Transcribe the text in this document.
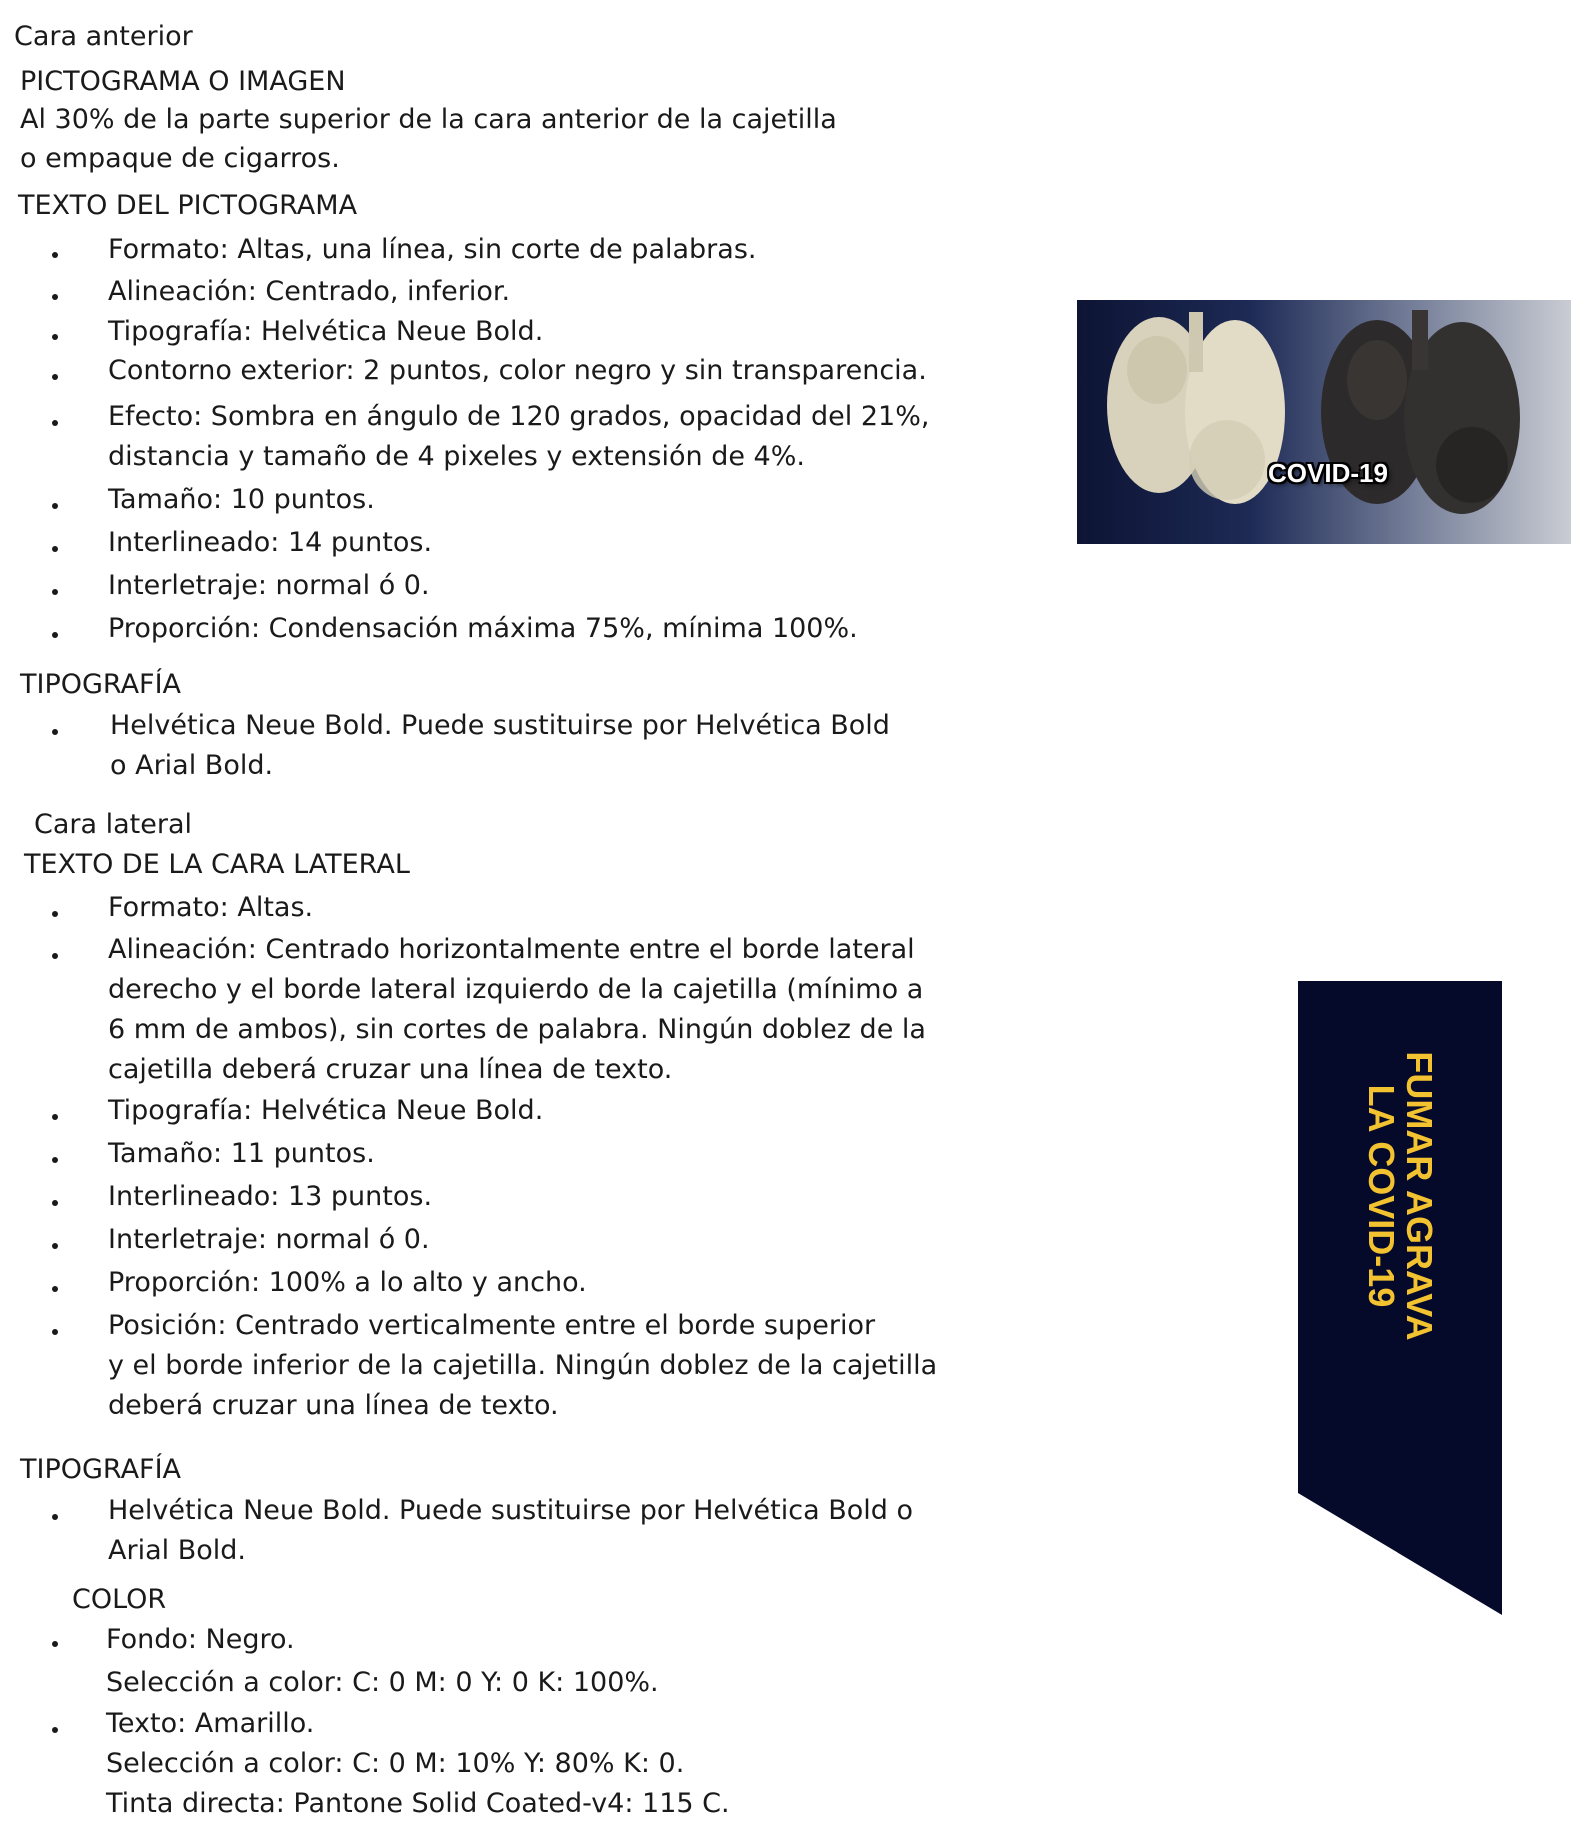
Cara anterior
PICTOGRAMA O IMAGEN
Al 30% de la parte superior de la cara anterior de la cajetilla
o empaque de cigarros.
TEXTO DEL PICTOGRAMA
Formato: Altas, una línea, sin corte de palabras.
Alineación: Centrado, inferior.
Tipografía: Helvética Neue Bold.
Contorno exterior: 2 puntos, color negro y sin transparencia.
Efecto: Sombra en ángulo de 120 grados, opacidad del 21%,
distancia y tamaño de 4 pixeles y extensión de 4%.
Tamaño: 10 puntos.
Interlineado: 14 puntos.
Interletraje: normal ó 0.
Proporción: Condensación máxima 75%, mínima 100%.
TIPOGRAFÍA
Helvética Neue Bold. Puede sustituirse por Helvética Bold
o Arial Bold.
COVID-19
Cara lateral
TEXTO DE LA CARA LATERAL
Formato: Altas.
Alineación: Centrado horizontalmente entre el borde lateral
derecho y el borde lateral izquierdo de la cajetilla (mínimo a
6 mm de ambos), sin cortes de palabra. Ningún doblez de la
cajetilla deberá cruzar una línea de texto.
Tipografía: Helvética Neue Bold.
Tamaño: 11 puntos.
Interlineado: 13 puntos.
Interletraje: normal ó 0.
Proporción: 100% a lo alto y ancho.
Posición: Centrado verticalmente entre el borde superior
y el borde inferior de la cajetilla. Ningún doblez de la cajetilla
deberá cruzar una línea de texto.
TIPOGRAFÍA
Helvética Neue Bold. Puede sustituirse por Helvética Bold o
Arial Bold.
COLOR
Fondo: Negro.
Selección a color: C: 0 M: 0 Y: 0 K: 100%.
Texto: Amarillo.
Selección a color: C: 0 M: 10% Y: 80% K: 0.
Tinta directa: Pantone Solid Coated-v4: 115 C.
FUMAR AGRAVA
LA COVID-19
